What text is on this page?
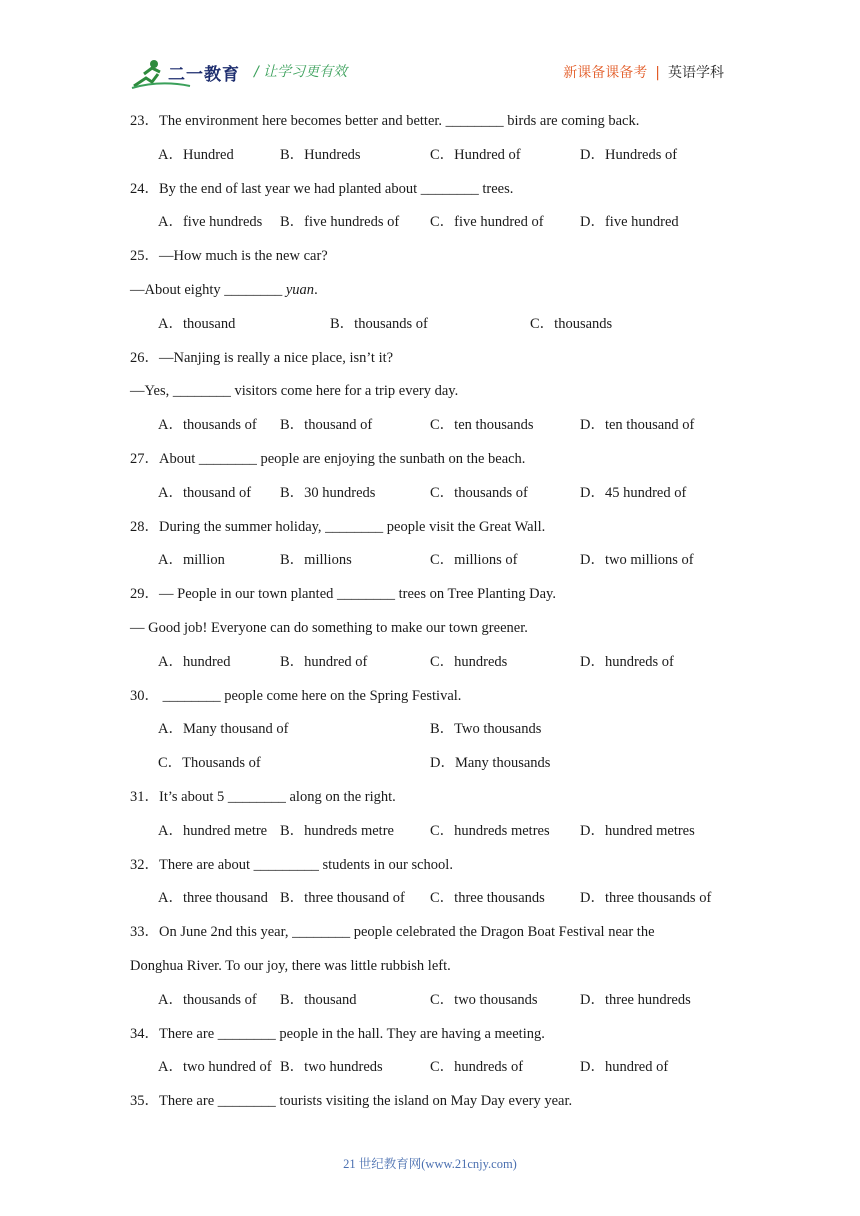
二一教育 / 让学习更有效	新课备课备考 | 英语学科
23．The environment here becomes better and better. ________ birds are coming back.
A．Hundred	B．Hundreds	C．Hundred of	D．Hundreds of
24．By the end of last year we had planted about ________ trees.
A．five hundreds B．five hundreds of C．five hundred of	D．five hundred
25．—How much is the new car?
—About eighty ________ yuan.
A．thousand	B．thousands of	C．thousands
26．—Nanjing is really a nice place, isn’t it?
—Yes, ________ visitors come here for a trip every day.
A．thousands of B．thousand of	C．ten thousands	D．ten thousand of
27．About ________ people are enjoying the sunbath on the beach.
A．thousand of B．30 hundreds	C．thousands of	D．45 hundred of
28．During the summer holiday, ________ people visit the Great Wall.
A．million	B．millions	C．millions of	D．two millions of
29．— People in our town planted ________ trees on Tree Planting Day.
— Good job! Everyone can do something to make our town greener.
A．hundred	B．hundred of	C．hundreds	D．hundreds of
30． ________ people come here on the Spring Festival.
A．Many thousand of	B．Two thousands
C．Thousands of	D．Many thousands
31．It’s about 5 ________ along on the right.
A．hundred metre B．hundreds metre C．hundreds metres D．hundred metres
32．There are about _________ students in our school.
A．three thousand B．three thousand of C．three thousands D．three thousands of
33．On June 2nd this year, ________ people celebrated the Dragon Boat Festival near the
Donghua River. To our joy, there was little rubbish left.
A．thousands of B．thousand	C．two thousands	D．three hundreds
34．There are ________ people in the hall. They are having a meeting.
A．two hundred of B．two hundreds	C．hundreds of	D．hundred of
35．There are ________ tourists visiting the island on May Day every year.
21 世纪教育网(www.21cnjy.com)
